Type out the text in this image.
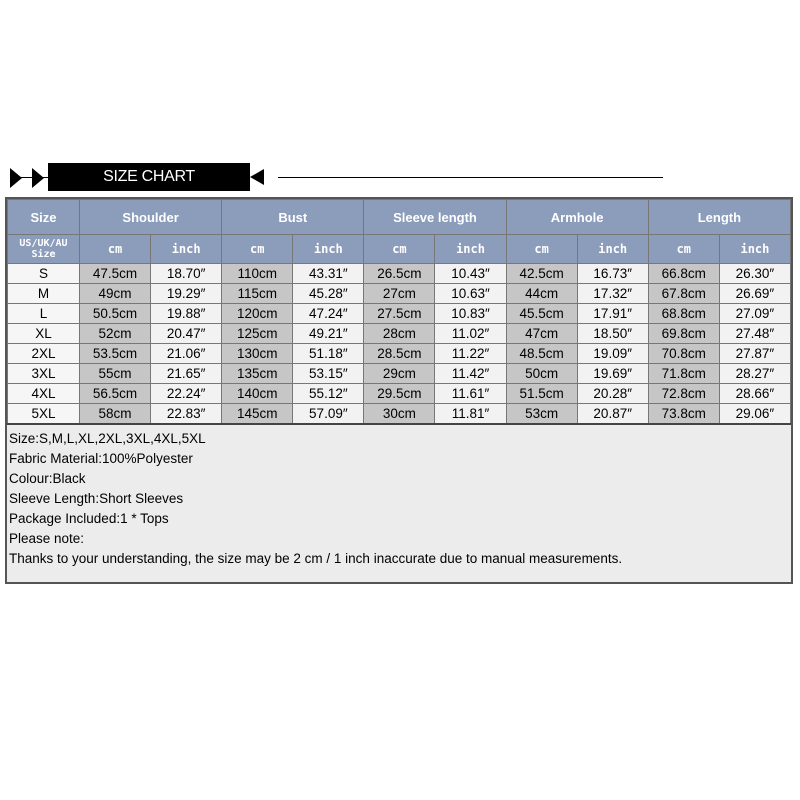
SIZE CHART
Size	Shoulder		Bust		Sleeve length		Armhole		Length	
US/UK/AU Size	cm	inch	cm	inch	cm	inch	cm	inch	cm	inch
S	47.5cm	18.70″	110cm	43.31″	26.5cm	10.43″	42.5cm	16.73″	66.8cm	26.30″
M	49cm	19.29″	115cm	45.28″	27cm	10.63″	44cm	17.32″	67.8cm	26.69″
L	50.5cm	19.88″	120cm	47.24″	27.5cm	10.83″	45.5cm	17.91″	68.8cm	27.09″
XL	52cm	20.47″	125cm	49.21″	28cm	11.02″	47cm	18.50″	69.8cm	27.48″
2XL	53.5cm	21.06″	130cm	51.18″	28.5cm	11.22″	48.5cm	19.09″	70.8cm	27.87″
3XL	55cm	21.65″	135cm	53.15″	29cm	11.42″	50cm	19.69″	71.8cm	28.27″
4XL	56.5cm	22.24″	140cm	55.12″	29.5cm	11.61″	51.5cm	20.28″	72.8cm	28.66″
5XL	58cm	22.83″	145cm	57.09″	30cm	11.81″	53cm	20.87″	73.8cm	29.06″
Size:S,M,L,XL,2XL,3XL,4XL,5XL
Fabric Material:100%Polyester
Colour:Black
Sleeve Length:Short Sleeves
Package Included:1 * Tops
Please note:
Thanks to your understanding, the size may be 2 cm / 1 inch inaccurate due to manual measurements.
